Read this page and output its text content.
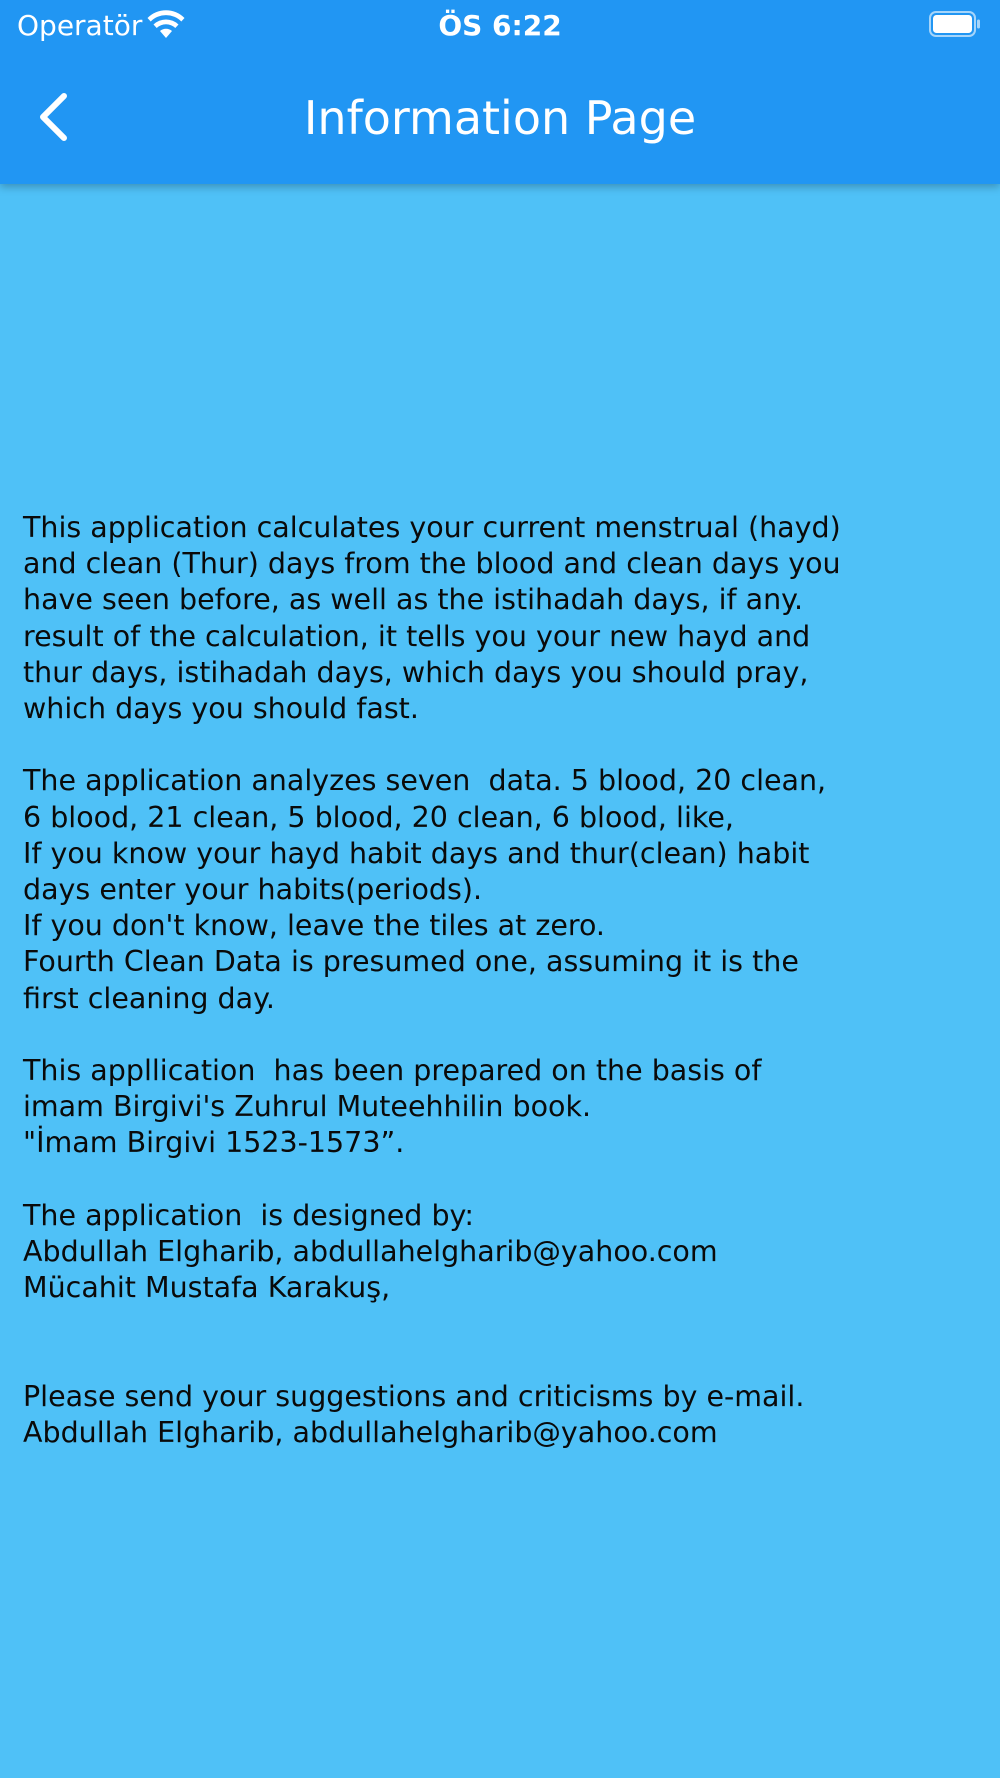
Operatör	ÖS 6:22
Information Page

This application calculates your current menstrual (hayd)
and clean (Thur) days from the blood and clean days you
have seen before, as well as the istihadah days, if any.
result of the calculation, it tells you your new hayd and
thur days, istihadah days, which days you should pray,
which days you should fast.

The application analyzes seven  data. 5 blood, 20 clean,
6 blood, 21 clean, 5 blood, 20 clean, 6 blood, like,
If you know your hayd habit days and thur(clean) habit
days enter your habits(periods).
If you don't know, leave the tiles at zero.
Fourth Clean Data is presumed one, assuming it is the
first cleaning day.

This appllication  has been prepared on the basis of
imam Birgivi's Zuhrul Muteehhilin book.
"İmam Birgivi 1523-1573”.

The application  is designed by:
Abdullah Elgharib, abdullahelgharib@yahoo.com
Mücahit Mustafa Karakuş,

Please send your suggestions and criticisms by e-mail.
Abdullah Elgharib, abdullahelgharib@yahoo.com
